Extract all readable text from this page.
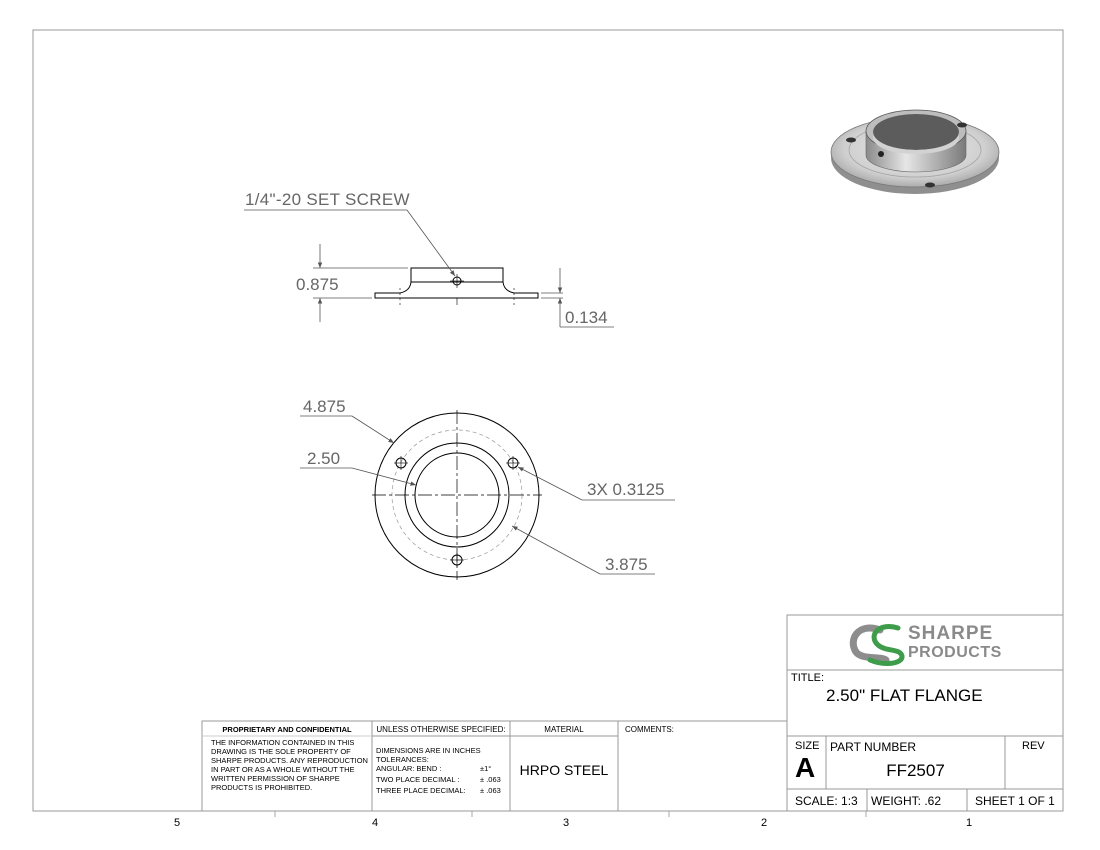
1/4"-20 SET SCREW
0.875
0.134
4.875
2.50
3X 0.3125
3.875
5	4	3	2	1
PROPRIETARY AND CONFIDENTIAL
THE INFORMATION CONTAINED IN THIS DRAWING IS THE SOLE PROPERTY OF SHARPE PRODUCTS. ANY REPRODUCTION IN PART OR AS A WHOLE WITHOUT THE WRITTEN PERMISSION OF SHARPE PRODUCTS IS PROHIBITED.
UNLESS OTHERWISE SPECIFIED:
DIMENSIONS ARE IN INCHES
TOLERANCES:
ANGULAR: BEND :	±1°
TWO PLACE DECIMAL :	± .063
THREE PLACE DECIMAL: ± .063
MATERIAL
HRPO STEEL
COMMENTS:
SHARPE
PRODUCTS
TITLE:
2.50" FLAT FLANGE
SIZE
A
PART NUMBER
FF2507
REV
SCALE: 1:3 WEIGHT: .62	SHEET 1 OF 1
